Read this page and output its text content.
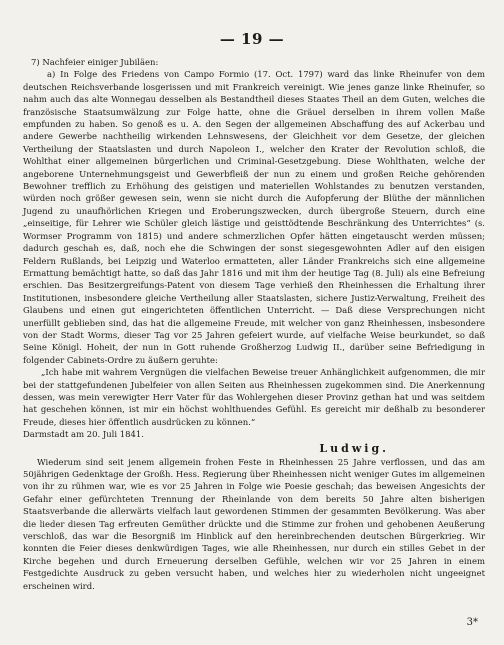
— 19 —

7) Nachfeier einiger Jubiläen:

a) In Folge des Friedens von Campo Formio (17. Oct. 1797) ward das linke Rheinufer von dem deutschen Reichsverbande losgerissen und mit Frankreich vereinigt. Wie jenes ganze linke Rheinufer, so nahm auch das alte Wonnegau desselben als Bestandtheil dieses Staates Theil an dem Guten, welches die französische Staatsumwälzung zur Folge hatte, ohne die Gräuel derselben in ihrem vollen Maße empfunden zu haben. So genoß es u. A. den Segen der allgemeinen Abschaffung des auf Ackerbau und andere Gewerbe nachtheilig wirkenden Lehnswesens, der Gleichheit vor dem Gesetze, der gleichen Vertheilung der Staatslasten und durch Napoleon I., welcher den Krater der Revolution schloß, die Wohlthat einer allgemeinen bürgerlichen und Criminal-Gesetzgebung. Diese Wohlthaten, welche der angeborene Unternehmungsgeist und Gewerbfleiß der nun zu einem und großen Reiche gehörenden Bewohner trefflich zu Erhöhung des geistigen und materiellen Wohlstandes zu benutzen verstanden, würden noch größer gewesen sein, wenn sie nicht durch die Aufopferung der Blüthe der männlichen Jugend zu unaufhörlichen Kriegen und Eroberungszwecken, durch übergroße Steuern, durch eine „einseitige, für Lehrer wie Schüler gleich lästige und geisttödtende Beschränkung des Unterrichtes“ (s. Wormser Programm von 1815) und andere schmerzlichen Opfer hätten eingetauscht werden müssen; dadurch geschah es, daß, noch ehe die Schwingen der sonst siegesgewohnten Adler auf den eisigen Feldern Rußlands, bei Leipzig und Waterloo ermatteten, aller Länder Frankreichs sich eine allgemeine Ermattung bemächtigt hatte, so daß das Jahr 1816 und mit ihm der heutige Tag (8. Juli) als eine Befreiung erschien. Das Besitzergreifungs-Patent von diesem Tage verhieß den Rheinhessen die Erhaltung ihrer Institutionen, insbesondere gleiche Vertheilung aller Staatslasten, sichere Justiz-Verwaltung, Freiheit des Glaubens und einen gut eingerichteten öffentlichen Unterricht. — Daß diese Versprechungen nicht unerfüllt geblieben sind, das hat die allgemeine Freude, mit welcher von ganz Rheinhessen, insbesondere von der Stadt Worms, dieser Tag vor 25 Jahren gefeiert wurde, auf vielfache Weise beurkundet, so daß Seine Königl. Hoheit, der nun in Gott ruhende Großherzog Ludwig II., darüber seine Befriedigung in folgender Cabinets-Ordre zu äußern geruhte:

„Ich habe mit wahrem Vergnügen die vielfachen Beweise treuer Anhänglichkeit aufgenommen, die mir bei der stattgefundenen Jubelfeier von allen Seiten aus Rheinhessen zugekommen sind. Die Anerkennung dessen, was mein verewigter Herr Vater für das Wohlergehen dieser Provinz gethan hat und was seitdem hat geschehen können, ist mir ein höchst wohlthuendes Gefühl. Es gereicht mir deßhalb zu besonderer Freude, dieses hier öffentlich ausdrücken zu können.“

Darmstadt am 20. Juli 1841.

Ludwig.

Wiederum sind seit jenem allgemein frohen Feste in Rheinhessen 25 Jahre verflossen, und das am 50jährigen Gedenktage der Großh. Hess. Regierung über Rheinhessen nicht weniger Gutes im allgemeinen von ihr zu rühmen war, wie es vor 25 Jahren in Folge wie Poesie geschah; das beweisen Angesichts der Gefahr einer gefürchteten Trennung der Rheinlande von dem bereits 50 Jahre alten bisherigen Staatsverbande die allerwärts vielfach laut gewordenen Stimmen der gesammten Bevölkerung. Was aber die lieder diesen Tag erfreuten Gemüther drückte und die Stimme zur frohen und gehobenen Aeußerung verschloß, das war die Besorgniß im Hinblick auf den hereinbrechenden deutschen Bürgerkrieg. Wir konnten die Feier dieses denkwürdigen Tages, wie alle Rheinhessen, nur durch ein stilles Gebet in der Kirche begehen und durch Erneuerung derselben Gefühle, welchen wir vor 25 Jahren in einem Festgedichte Ausdruck zu geben versucht haben, und welches hier zu wiederholen nicht ungeeignet erscheinen wird.

3*
